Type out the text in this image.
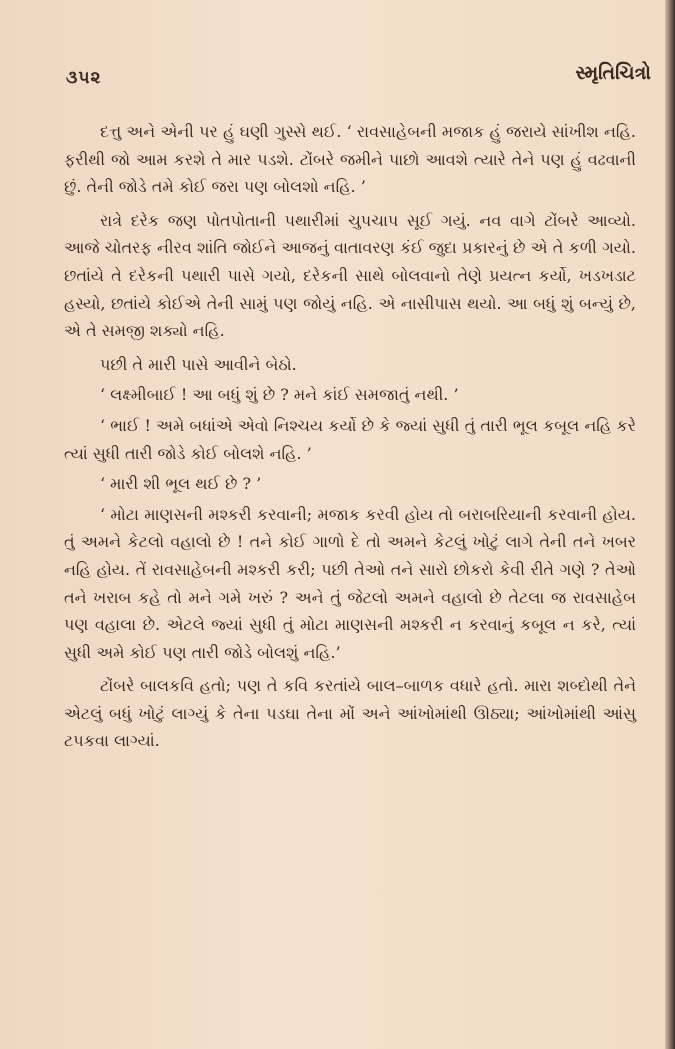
૩૫૨	સ્મૃતિચિત્રો

દત્તુ અને એની પર હું ઘણી ગુસ્સે થઈ. ‘ રાવસાહેબની મજાક હું જરાયે સાંખીશ નહિ. ફરીથી જો આમ કરશે તે માર પડશે. ટોંબરે જમીને પાછો આવશે ત્યારે તેને પણ હું વઢવાની છું. તેની જોડે તમે કોઈ જરા પણ બોલશો નહિ. ’

રાત્રે દરેક જણ પોતપોતાની પથારીમાં ચુપચાપ સૂઈ ગયું. નવ વાગે ટોંબરે આવ્યો. આજે ચોતરફ નીરવ શાંતિ જોઈને આજનું વાતાવરણ કંઈ જુદા પ્રકારનું છે એ તે કળી ગયો. છતાંયે તે દરેકની પથારી પાસે ગયો, દરેકની સાથે બોલવાનો તેણે પ્રયત્ન કર્યો, ખડખડાટ હસ્યો, છતાંયે કોઈએ તેની સામું પણ જોયું નહિ. એ નાસીપાસ થયો. આ બધું શું બન્યું છે, એ તે સમજી શક્યો નહિ.

પછી તે મારી પાસે આવીને બેઠો.

‘ લક્ષ્મીબાઈ ! આ બધું શું છે ? મને કાંઈ સમજાતું નથી. ’

‘ ભાઈ ! અમે બધાંએ એવો નિશ્ચય કર્યો છે કે જ્યાં સુધી તું તારી ભૂલ કબૂલ નહિ કરે ત્યાં સુધી તારી જોડે કોઈ બોલશે નહિ. ’

‘ મારી શી ભૂલ થઈ છે ? ’

‘ મોટા માણસની મશ્કરી કરવાની; મજાક કરવી હોય તો બરાબરિયાની કરવાની હોય. તું અમને કેટલો વહાલો છે ! તને કોઈ ગાળો દે તો અમને કેટલું ખોટું લાગે તેની તને ખબર નહિ હોય. તેં રાવસાહેબની મશ્કરી કરી; પછી તેઓ તને સારો છોકરો કેવી રીતે ગણે ? તેઓ તને ખરાબ કહે તો મને ગમે ખરું ? અને તું જેટલો અમને વહાલો છે તેટલા જ રાવસાહેબ પણ વહાલા છે. એટલે જ્યાં સુધી તું મોટા માણસની મશ્કરી ન કરવાનું કબૂલ ન કરે, ત્યાં સુધી અમે કોઈ પણ તારી જોડે બોલશું નહિ.’

ટોંબરે બાલકવિ હતો; પણ તે કવિ કરતાંયે બાલ–બાળક વધારે હતો. મારા શબ્દોથી તેને એટલું બધું ખોટું લાગ્યું કે તેના પડઘા તેના મોં અને આંખોમાંથી ઊઠ્યા; આંખોમાંથી આંસુ ટપકવા લાગ્યાં.
